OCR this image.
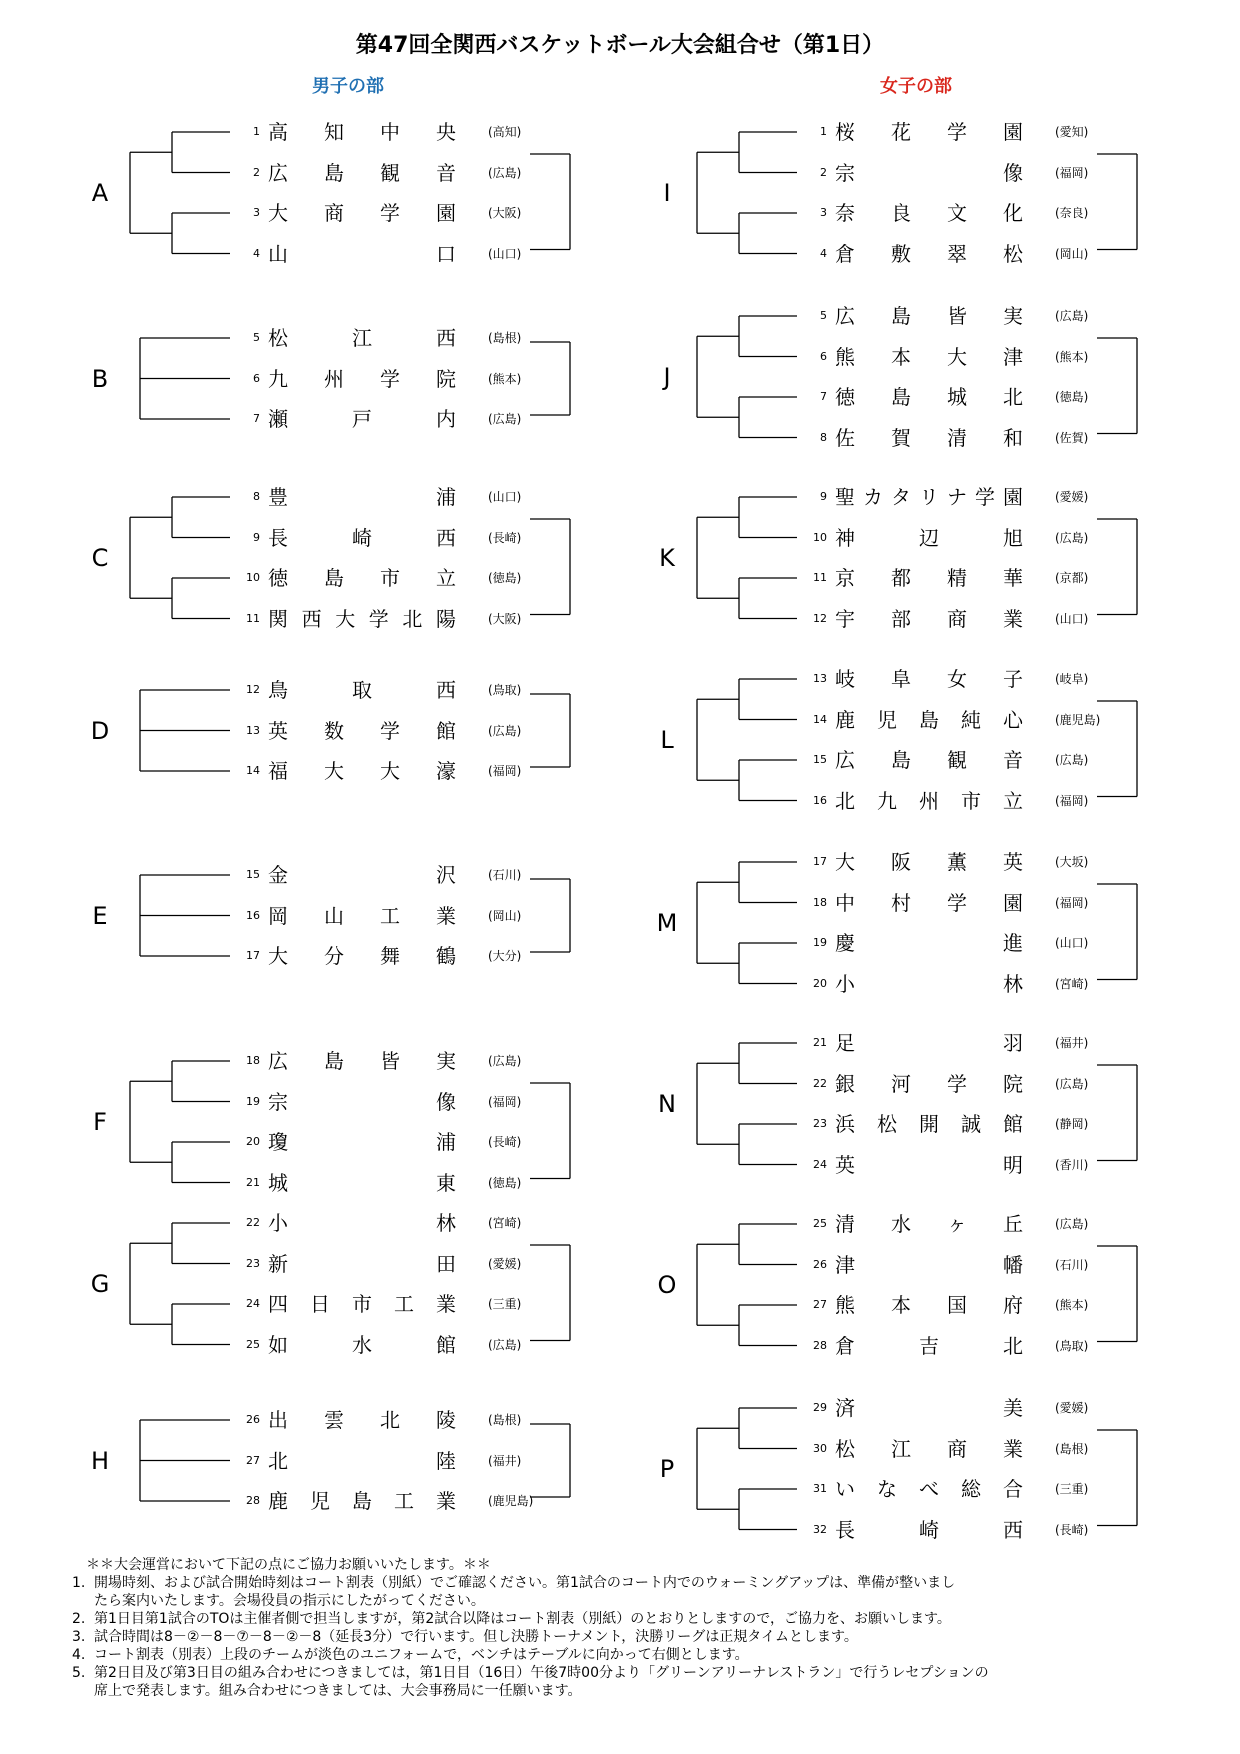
第47回全関西バスケットボール大会組合せ（第1日）
男子の部	女子の部
A
1 高 知 中 央	(高知)
2 広 島 観 音	(広島)
3 大 商 学 園	(大阪)
4 山	口	(山口)
B
5 松	江	西	(島根)
6 九 州 学 院	(熊本)
7 瀬	戸	内	(広島)
C
8 豊	浦	(山口)
9 長	崎	西	(長崎)
10 徳 島 市 立	(徳島)
11 関 西 大 学 北 陽	(大阪)
D
12 鳥	取	西	(鳥取)
13 英 数 学 館	(広島)
14 福 大 大 濠	(福岡)
E
15 金	沢	(石川)
16 岡 山 工 業	(岡山)
17 大 分 舞 鶴	(大分)
F
18 広 島 皆 実	(広島)
19 宗	像	(福岡)
20 瓊	浦	(長崎)
21 城	東	(徳島)
G
22 小	林	(宮崎)
23 新	田	(愛媛)
24 四 日 市 工 業	(三重)
25 如	水	館	(広島)
H
26 出 雲 北 陵	(島根)
27 北	陸	(福井)
28 鹿 児 島 工 業	(鹿児島)
I
1 桜 花 学 園	(愛知)
2 宗	像	(福岡)
3 奈 良 文 化	(奈良)
4 倉 敷 翠 松	(岡山)
J
5 広 島 皆 実	(広島)
6 熊 本 大 津	(熊本)
7 徳 島 城 北	(徳島)
8 佐 賀 清 和	(佐賀)
K
9 聖 カ タ リ ナ 学 園	(愛媛)
10 神	辺	旭	(広島)
11 京 都 精 華	(京都)
12 宇 部 商 業	(山口)
L
13 岐 阜 女 子	(岐阜)
14 鹿 児 島 純 心	(鹿児島)
15 広 島 観 音	(広島)
16 北 九 州 市 立	(福岡)
M
17 大 阪 薫 英	(大坂)
18 中 村 学 園	(福岡)
19 慶	進	(山口)
20 小	林	(宮崎)
N
21 足	羽	(福井)
22 銀 河 学 院	(広島)
23 浜 松 開 誠 館	(静岡)
24 英	明	(香川)
O
25 清 水 ヶ 丘	(広島)
26 津	幡	(石川)
27 熊 本 国 府	(熊本)
28 倉	吉	北	(鳥取)
P
29 済	美	(愛媛)
30 松 江 商 業	(島根)
31 い な べ 総 合	(三重)
32 長	崎	西	(長崎)
＊＊大会運営において下記の点にご協力お願いいたします。＊＊
1. 開場時刻、および試合開始時刻はコート割表（別紙）でご確認ください。第1試合のコート内でのウォーミングアップは、準備が整いまし
たら案内いたします。会場役員の指示にしたがってください。
2. 第1日目第1試合のTOは主催者側で担当しますが，第2試合以降はコート割表（別紙）のとおりとしますので，ご協力を、お願いします。
3. 試合時間は8－②－8－⑦－8－②－8（延長3分）で行います。但し決勝トーナメント，決勝リーグは正規タイムとします。
4. コート割表（別表）上段のチームが淡色のユニフォームで，ベンチはテーブルに向かって右側とします。
5. 第2日目及び第3日目の組み合わせにつきましては，第1日目（16日）午後7時00分より「グリーンアリーナレストラン」で行うレセプションの
席上で発表します。組み合わせにつきましては、大会事務局に一任願います。
